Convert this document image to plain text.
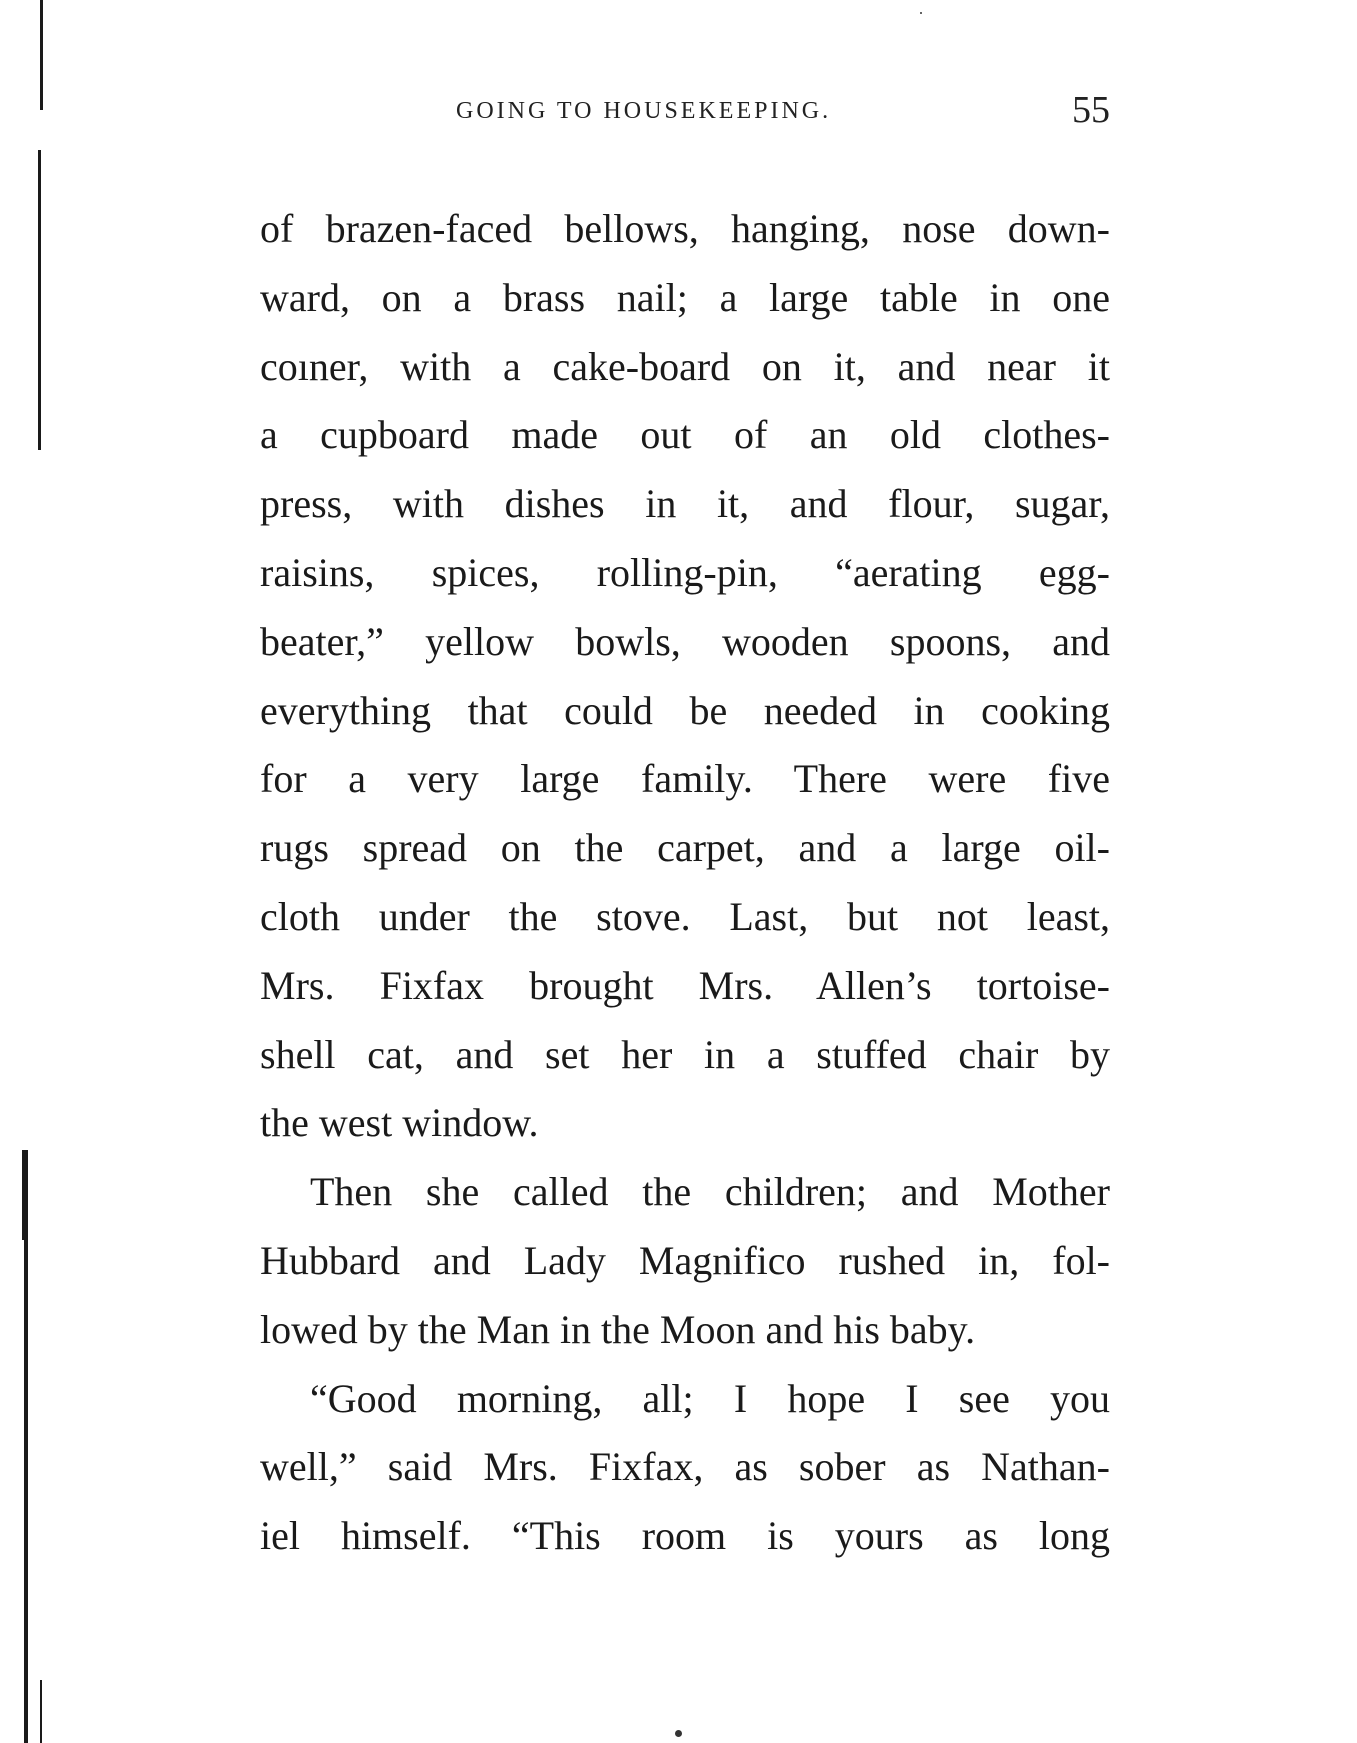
GOING TO HOUSEKEEPING.	55
of brazen-faced bellows, hanging, nose down-
ward, on a brass nail; a large table in one
coıner, with a cake-board on it, and near it
a cupboard made out of an old clothes-
press, with dishes in it, and flour, sugar,
raisins, spices, rolling-pin, “aerating egg-
beater,” yellow bowls, wooden spoons, and
everything that could be needed in cooking
for a very large family. There were five
rugs spread on the carpet, and a large oil-
cloth under the stove. Last, but not least,
Mrs. Fixfax brought Mrs. Allen’s tortoise-
shell cat, and set her in a stuffed chair by
the west window.
Then she called the children; and Mother
Hubbard and Lady Magnifico rushed in, fol-
lowed by the Man in the Moon and his baby.
“Good morning, all; I hope I see you
well,” said Mrs. Fixfax, as sober as Nathan-
iel himself. “This room is yours as long
